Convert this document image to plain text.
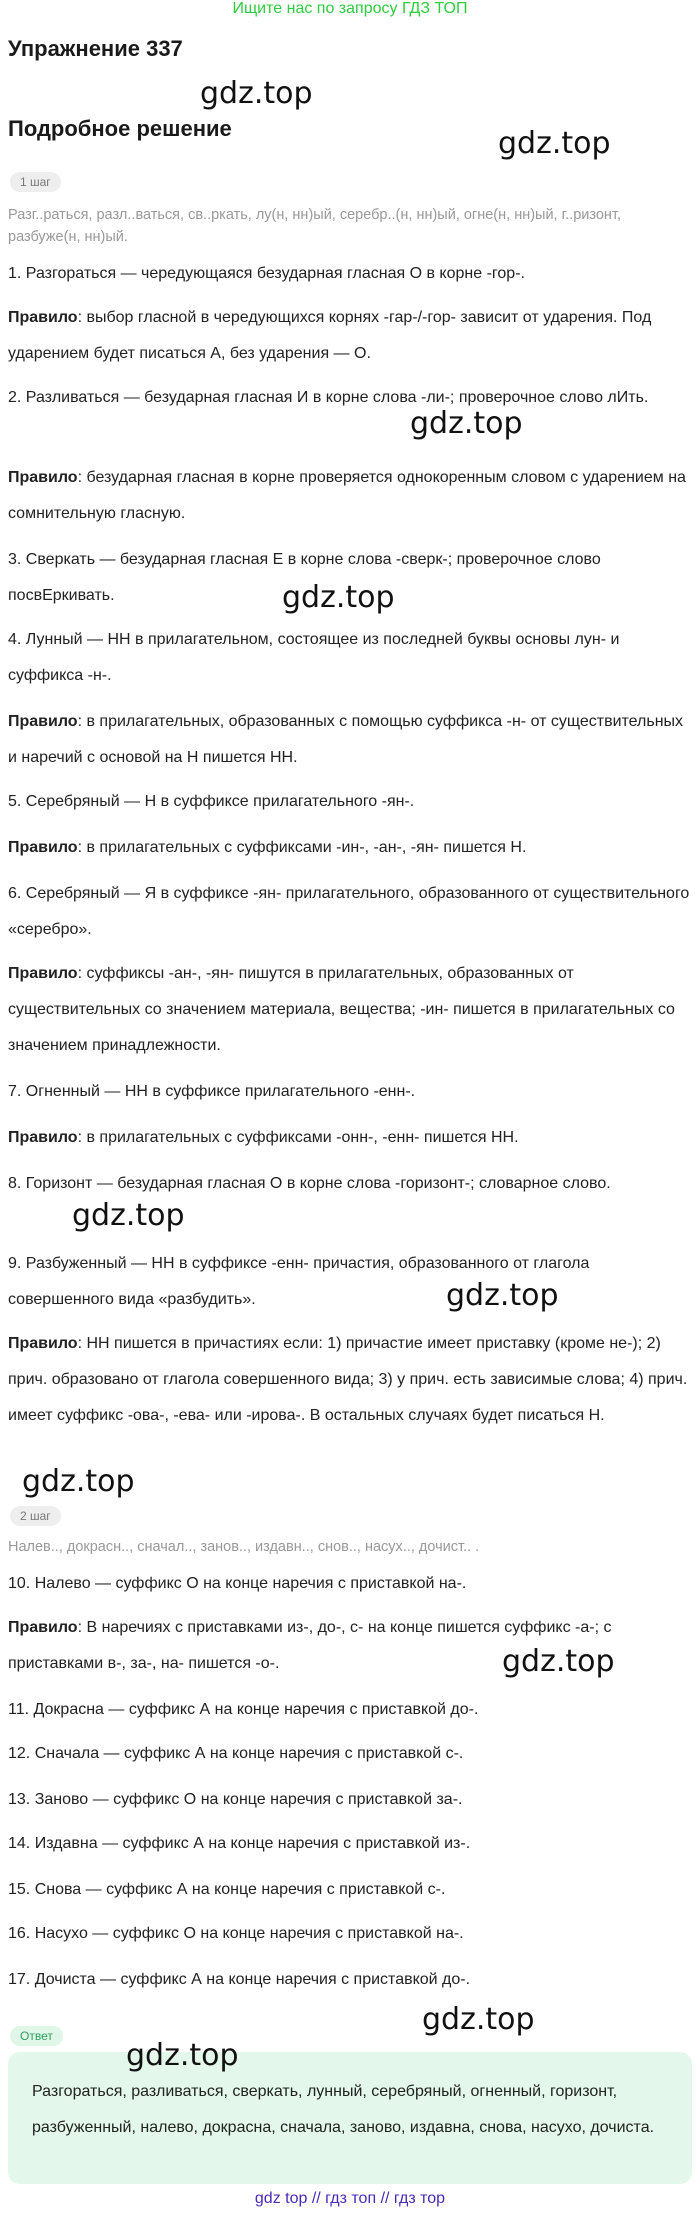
Ищите нас по запросу ГДЗ ТОП
Упражнение 337
gdz.top
Подробное решение	gdz.top
1 шаг
Разг..раться, разл..ваться, св..ркать, лу(н, нн)ый, серебр..(н, нн)ый, огне(н, нн)ый, г..ризонт, разбуже(н, нн)ый.
1. Разгораться — чередующаяся безударная гласная О в корне -гор-.
Правило: выбор гласной в чередующихся корнях -гар-/-гор- зависит от ударения. Под ударением будет писаться А, без ударения — О.
2. Разливаться — безударная гласная И в корне слова -ли-; проверочное слово лИть.
Правило: безударная гласная в корне проверяется однокоренным словом с ударением на сомнительную гласную.
3. Сверкать — безударная гласная Е в корне слова -сверк-; проверочное слово посвЕркивать.
4. Лунный — НН в прилагательном, состоящее из последней буквы основы лун- и суффикса -н-.
Правило: в прилагательных, образованных с помощью суффикса -н- от существительных и наречий с основой на Н пишется НН.
5. Серебряный — Н в суффиксе прилагательного -ян-.
Правило: в прилагательных с суффиксами -ин-, -ан-, -ян- пишется Н.
6. Серебряный — Я в суффиксе -ян- прилагательного, образованного от существительного «серебро».
Правило: суффиксы -ан-, -ян- пишутся в прилагательных, образованных от существительных со значением материала, вещества; -ин- пишется в прилагательных со значением принадлежности.
7. Огненный — НН в суффиксе прилагательного -енн-.
Правило: в прилагательных с суффиксами -онн-, -енн- пишется НН.
8. Горизонт — безударная гласная О в корне слова -горизонт-; словарное слово.
9. Разбуженный — НН в суффиксе -енн- причастия, образованного от глагола совершенного вида «разбудить».
Правило: НН пишется в причастиях если: 1) причастие имеет приставку (кроме не-); 2) прич. образовано от глагола совершенного вида; 3) у прич. есть зависимые слова; 4) прич. имеет суффикс -ова-, -ева- или -ирова-. В остальных случаях будет писаться Н.
gdz.top
gdz.top
gdz.top
gdz.top
gdz.top
2 шаг
Налев.., докрасн.., сначал.., занов.., издавн.., снов.., насух.., дочист.. .
10. Налево — суффикс О на конце наречия с приставкой на-.
Правило: В наречиях с приставками из-, до-, с- на конце пишется суффикс -а-; с приставками в-, за-, на- пишется -о-.
11. Докрасна — суффикс А на конце наречия с приставкой до-.
12. Сначала — суффикс А на конце наречия с приставкой с-.
13. Заново — суффикс О на конце наречия с приставкой за-.
14. Издавна — суффикс А на конце наречия с приставкой из-.
15. Снова — суффикс А на конце наречия с приставкой с-.
16. Насухо — суффикс О на конце наречия с приставкой на-.
17. Дочиста — суффикс А на конце наречия с приставкой до-.
gdz.top
gdz.top
Ответ
Разгораться, разливаться, сверкать, лунный, серебряный, огненный, горизонт, разбуженный, налево, докрасна, сначала, заново, издавна, снова, насухо, дочиста.
gdz.top
gdz top // гдз топ // гдз тор
